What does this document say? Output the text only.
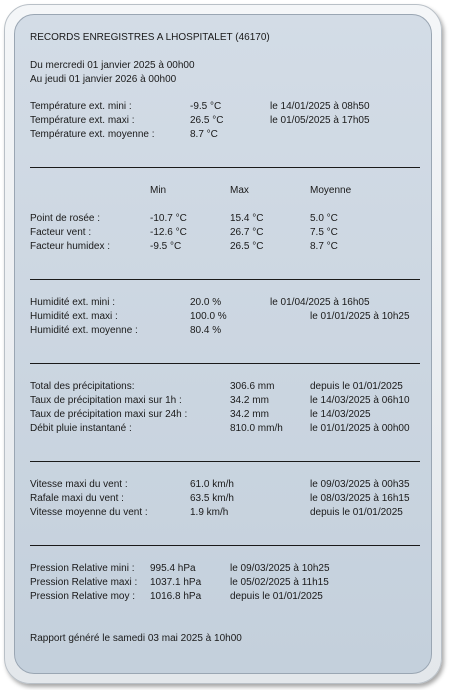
RECORDS ENREGISTRES A LHOSPITALET (46170)
Du mercredi 01 janvier 2025 à 00h00
Au jeudi 01 janvier 2026 à 00h00
Température ext. mini :	-9.5 °C	le 14/01/2025 à 08h50
Température ext. maxi :	26.5 °C	le 01/05/2025 à 17h05
Température ext. moyenne :	8.7 °C
Min	Max	Moyenne
Point de rosée :	-10.7 °C	15.4 °C	5.0 °C
Facteur vent :	-12.6 °C	26.7 °C	7.5 °C
Facteur humidex :	-9.5 °C	26.5 °C	8.7 °C
Humidité ext. mini :	20.0 %	le 01/04/2025 à 16h05
Humidité ext. maxi :	100.0 %	le 01/01/2025 à 10h25
Humidité ext. moyenne :	80.4 %
Total des précipitations:	306.6 mm	depuis le 01/01/2025
Taux de précipitation maxi sur 1h :	34.2 mm	le 14/03/2025 à 06h10
Taux de précipitation maxi sur 24h :	34.2 mm	le 14/03/2025
Débit pluie instantané :	810.0 mm/h	le 01/01/2025 à 00h00
Vitesse maxi du vent :	61.0 km/h	le 09/03/2025 à 00h35
Rafale maxi du vent :	63.5 km/h	le 08/03/2025 à 16h15
Vitesse moyenne du vent :	1.9 km/h	depuis le 01/01/2025
Pression Relative mini : 995.4 hPa	le 09/03/2025 à 10h25
Pression Relative maxi : 1037.1 hPa	le 05/02/2025 à 11h15
Pression Relative moy : 1016.8 hPa	depuis le 01/01/2025
Rapport généré le samedi 03 mai 2025 à 10h00
